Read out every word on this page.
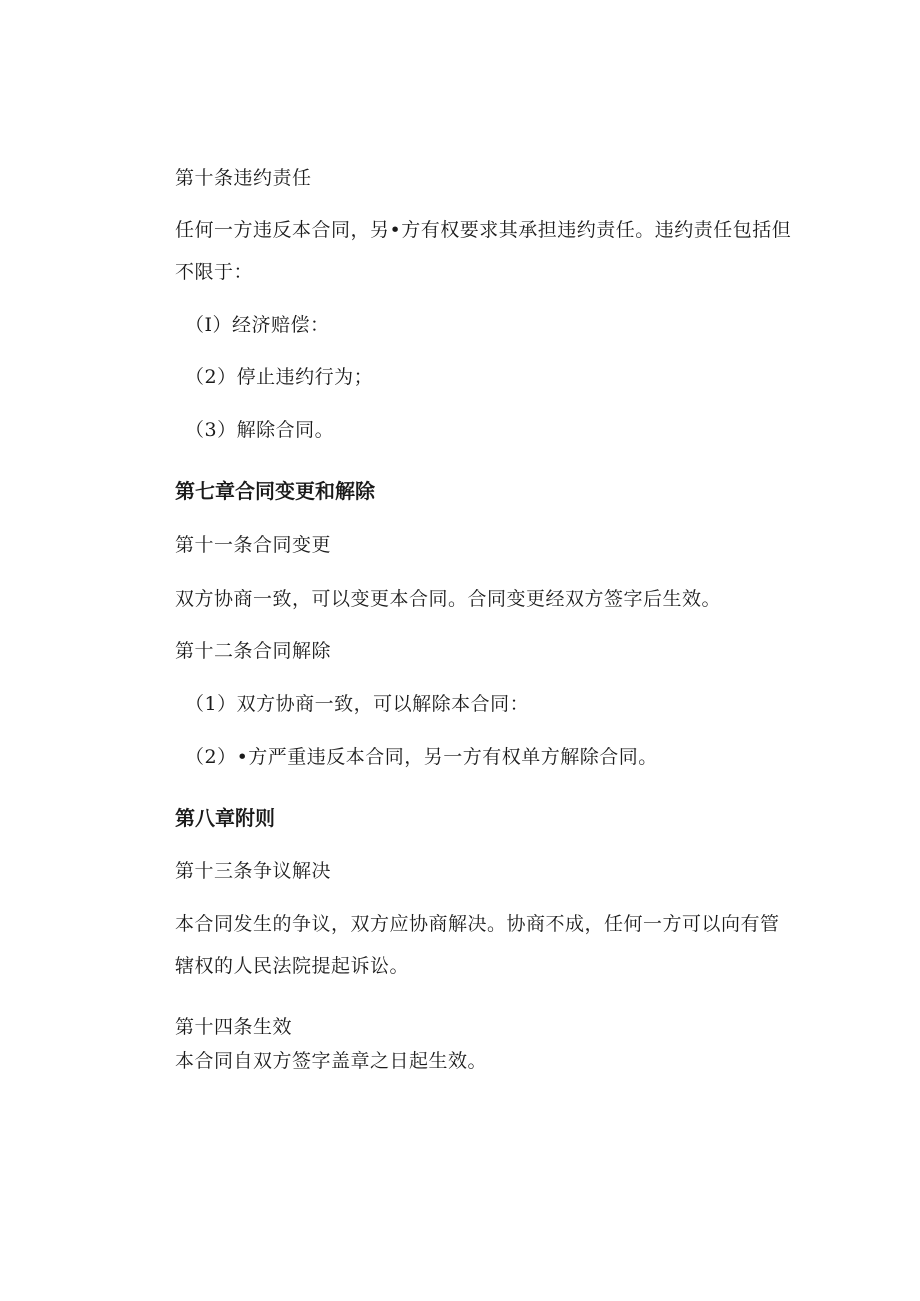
第十条违约责任
任何一方违反本合同，另•方有权要求其承担违约责任。违约责任包括但
不限于：
（I）经济赔偿：
（2）停止违约行为；
（3）解除合同。
第七章合同变更和解除
第十一条合同变更
双方协商一致，可以变更本合同。合同变更经双方签字后生效。
第十二条合同解除
（1）双方协商一致，可以解除本合同：
（2）•方严重违反本合同，另一方有权单方解除合同。
第八章附则
第十三条争议解决
本合同发生的争议，双方应协商解决。协商不成，任何一方可以向有管
辖权的人民法院提起诉讼。
第十四条生效
本合同自双方签字盖章之日起生效。
